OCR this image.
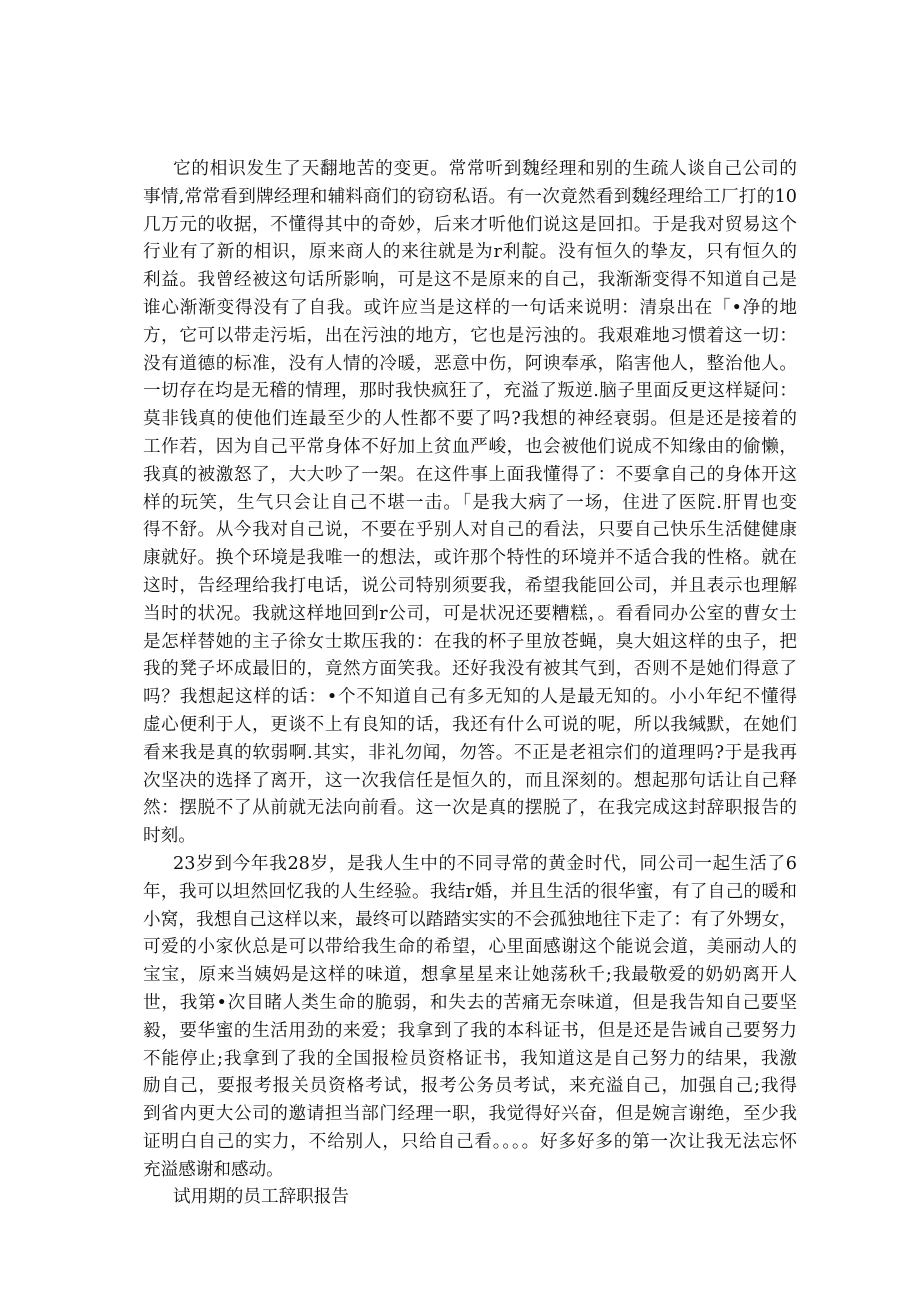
它的相识发生了天翻地苦的变更。常常听到魏经理和别的生疏人谈自己公司的
事情,常常看到牌经理和辅料商们的窃窃私语。有一次竟然看到魏经理给工厂打的10
几万元的收据，不懂得其中的奇妙，后来才听他们说这是回扣。于是我对贸易这个
行业有了新的相识，原来商人的来往就是为r利靛。没有恒久的挚友，只有恒久的
利益。我曾经被这句话所影响，可是这不是原来的自己，我渐渐变得不知道自己是
谁心渐渐变得没有了自我。或许应当是这样的一句话来说明：清泉出在「•净的地
方，它可以带走污垢，出在污浊的地方，它也是污浊的。我艰难地习惯着这一切：
没有道德的标准，没有人情的冷暖，恶意中伤，阿谀奉承，陷害他人，整治他人。
一切存在均是无稽的情理，那时我快疯狂了，充溢了叛逆.脑子里面反更这样疑问：
莫非钱真的使他们连最至少的人性都不要了吗?我想的神经衰弱。但是还是接着的
工作若，因为自己平常身体不好加上贫血严峻，也会被他们说成不知缘由的偷懒，
我真的被激怒了，大大吵了一架。在这件事上面我懂得了：不要拿自己的身体开这
样的玩笑，生气只会让自己不堪一击。「是我大病了一场，住进了医院.肝胃也变
得不舒。从今我对自己说，不要在乎别人对自己的看法，只要自己快乐生活健健康
康就好。换个环境是我唯一的想法，或许那个特性的环境并不适合我的性格。就在
这时，告经理给我打电话，说公司特别须要我，希望我能回公司，并且表示也理解
当时的状况。我就这样地回到r公司，可是状况还要糟糕，。看看同办公室的曹女士
是怎样替她的主子徐女士欺压我的：在我的杯子里放苍蝇，臭大姐这样的虫子，把
我的凳子坏成最旧的，竟然方面笑我。还好我没有被其气到，否则不是她们得意了
吗？我想起这样的话：•个不知道自己有多无知的人是最无知的。小小年纪不懂得
虚心便利于人，更谈不上有良知的话，我还有什么可说的呢，所以我缄默，在她们
看来我是真的软弱啊.其实，非礼勿闻，勿答。不正是老祖宗们的道理吗?于是我再
次坚决的选择了离开，这一次我信任是恒久的，而且深刻的。想起那句话让自己释
然：摆脱不了从前就无法向前看。这一次是真的摆脱了，在我完成这封辞职报告的
时刻。
23岁到今年我28岁，是我人生中的不同寻常的黄金时代，同公司一起生活了6
年，我可以坦然回忆我的人生经验。我结r婚，并且生活的很华蜜，有了自己的暖和
小窝，我想自己这样以来，最终可以踏踏实实的不会孤独地往下走了：有了外甥女，
可爱的小家伙总是可以带给我生命的希望，心里面感谢这个能说会道，美丽动人的
宝宝，原来当姨妈是这样的味道，想拿星星来让她荡秋千;我最敬爱的奶奶离开人
世，我第•次目睹人类生命的脆弱，和失去的苦痛无奈味道，但是我告知自己要坚
毅，要华蜜的生活用劲的来爱；我拿到了我的本科证书，但是还是告诫自己要努力
不能停止;我拿到了我的全国报检员资格证书，我知道这是自己努力的结果，我激
励自己，要报考报关员资格考试，报考公务员考试，来充溢自己，加强自己;我得
到省内更大公司的邀请担当部门经理一职，我觉得好兴奋，但是婉言谢绝，至少我
证明白自己的实力，不给别人，只给自己看。。。。好多好多的第一次让我无法忘怀
充溢感谢和感动。
试用期的员工辞职报告
